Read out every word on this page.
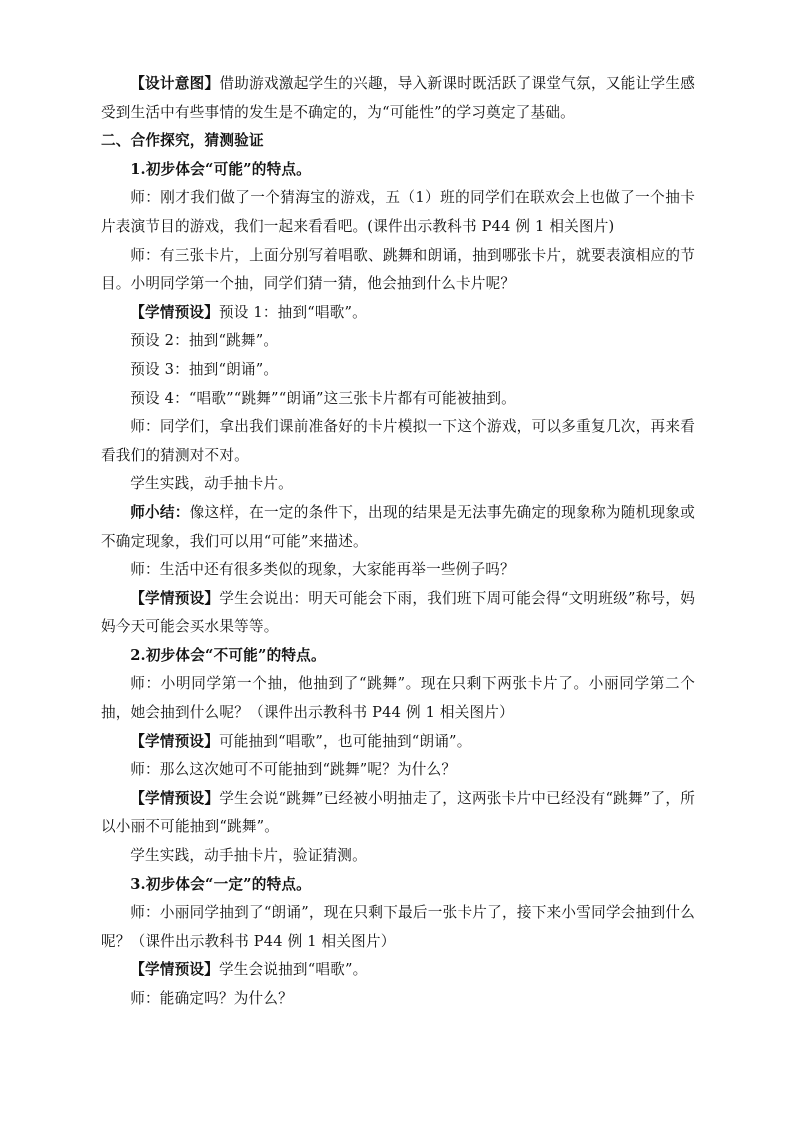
【设计意图】借助游戏激起学生的兴趣，导入新课时既活跃了课堂气氛，又能让学生感受到生活中有些事情的发生是不确定的，为“可能性”的学习奠定了基础。

二、合作探究，猜测验证

1.初步体会“可能”的特点。

师：刚才我们做了一个猜海宝的游戏，五（1）班的同学们在联欢会上也做了一个抽卡片表演节目的游戏，我们一起来看看吧。(课件出示教科书 P44 例 1 相关图片)

师：有三张卡片，上面分别写着唱歌、跳舞和朗诵，抽到哪张卡片，就要表演相应的节目。小明同学第一个抽，同学们猜一猜，他会抽到什么卡片呢？

【学情预设】预设 1：抽到“唱歌”。

预设 2：抽到“跳舞”。

预设 3：抽到“朗诵”。

预设 4：“唱歌”“跳舞”“朗诵”这三张卡片都有可能被抽到。

师：同学们，拿出我们课前准备好的卡片模拟一下这个游戏，可以多重复几次，再来看看我们的猜测对不对。

学生实践，动手抽卡片。

师小结：像这样，在一定的条件下，出现的结果是无法事先确定的现象称为随机现象或不确定现象，我们可以用“可能”来描述。

师：生活中还有很多类似的现象，大家能再举一些例子吗？

【学情预设】学生会说出：明天可能会下雨，我们班下周可能会得“文明班级”称号，妈妈今天可能会买水果等等。

2.初步体会“不可能”的特点。

师：小明同学第一个抽，他抽到了“跳舞”。现在只剩下两张卡片了。小丽同学第二个抽，她会抽到什么呢？（课件出示教科书 P44 例 1 相关图片）

【学情预设】可能抽到“唱歌”，也可能抽到“朗诵”。

师：那么这次她可不可能抽到“跳舞”呢？为什么？

【学情预设】学生会说“跳舞”已经被小明抽走了，这两张卡片中已经没有“跳舞”了，所以小丽不可能抽到“跳舞”。

学生实践，动手抽卡片，验证猜测。

3.初步体会“一定”的特点。

师：小丽同学抽到了“朗诵”，现在只剩下最后一张卡片了，接下来小雪同学会抽到什么呢？（课件出示教科书 P44 例 1 相关图片）

【学情预设】学生会说抽到“唱歌”。

师：能确定吗？为什么？
